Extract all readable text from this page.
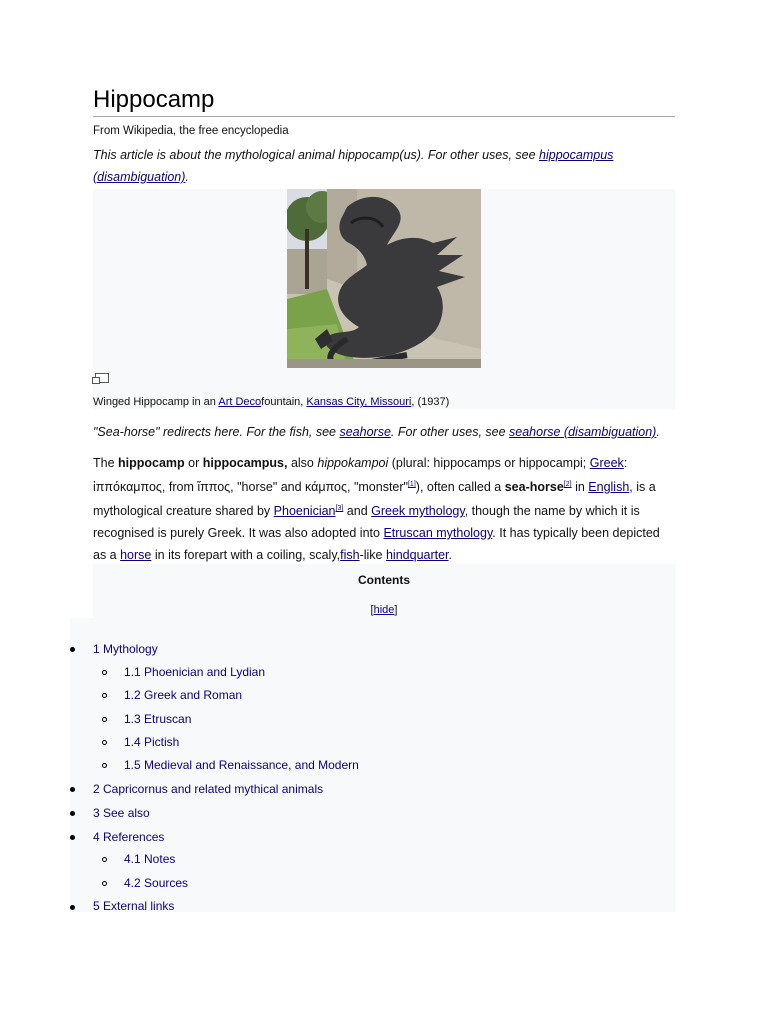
Hippocamp
From Wikipedia, the free encyclopedia
This article is about the mythological animal hippocamp(us). For other uses, see hippocampus (disambiguation).
Winged Hippocamp in an Art Decofountain, Kansas City, Missouri, (1937)
"Sea-horse" redirects here. For the fish, see seahorse. For other uses, see seahorse (disambiguation).
The hippocamp or hippocampus, also hippokampoi (plural: hippocamps or hippocampi; Greek: ἱππόκαμπος, from ἵππος, "horse" and κάμπος, "monster"[1]), often called a sea-horse[2] in English, is a mythological creature shared by Phoenician[3] and Greek mythology, though the name by which it is recognised is purely Greek. It was also adopted into Etruscan mythology. It has typically been depicted as a horse in its forepart with a coiling, scaly,fish-like hindquarter.
Contents
[hide]
1 Mythology
1.1 Phoenician and Lydian
1.2 Greek and Roman
1.3 Etruscan
1.4 Pictish
1.5 Medieval and Renaissance, and Modern
2 Capricornus and related mythical animals
3 See also
4 References
4.1 Notes
4.2 Sources
5 External links
